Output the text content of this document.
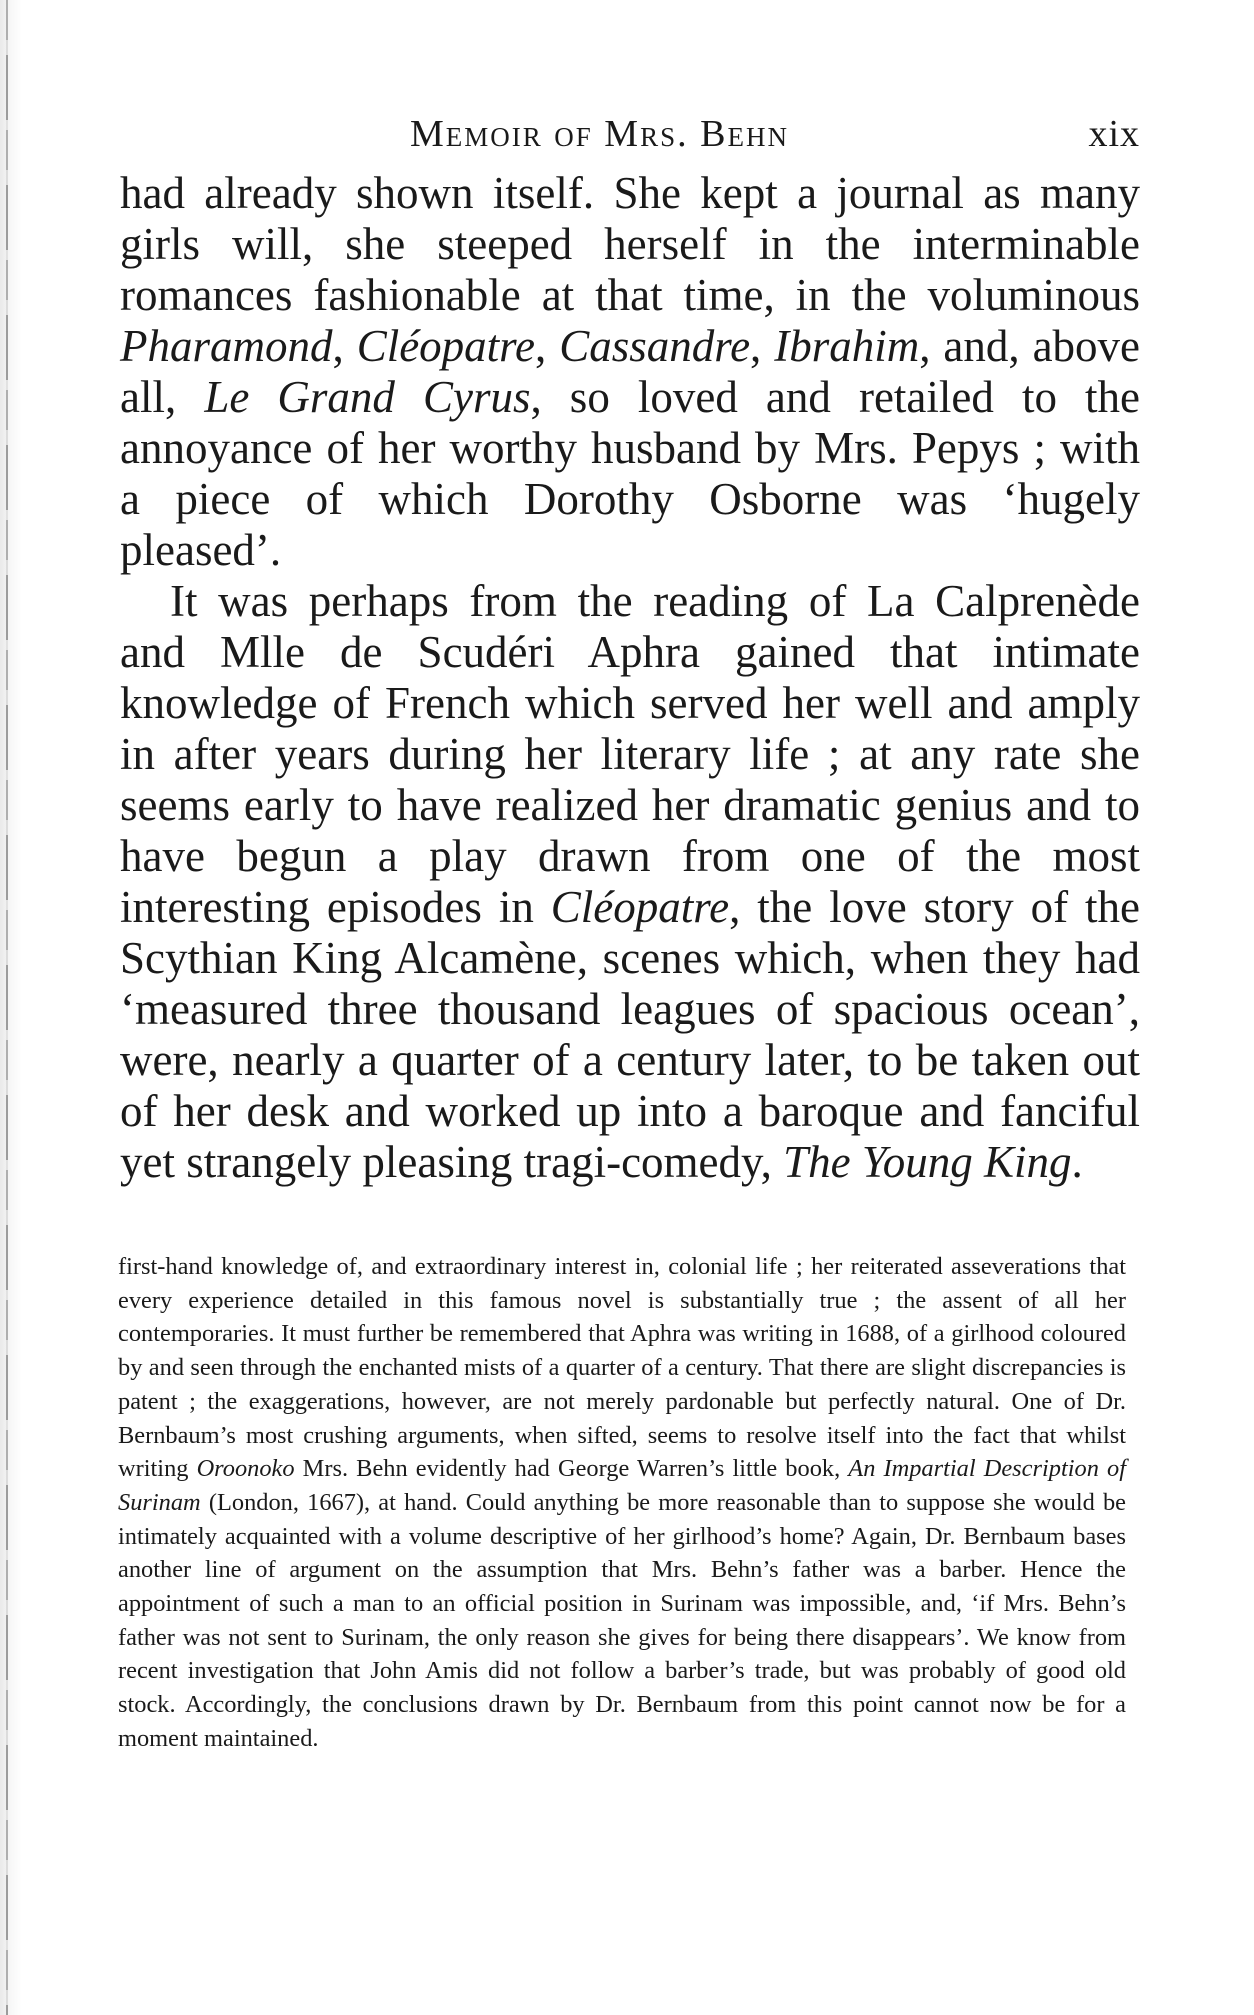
Memoir of Mrs. Behn	xix

had already shown itself. She kept a journal as many girls will, she steeped herself in the interminable romances fashionable at that time, in the voluminous Pharamond, Cléopatre, Cassandre, Ibrahim, and, above all, Le Grand Cyrus, so loved and retailed to the annoyance of her worthy husband by Mrs. Pepys ; with a piece of which Dorothy Osborne was ‘hugely pleased’.

It was perhaps from the reading of La Calprenède and Mlle de Scudéri Aphra gained that intimate knowledge of French which served her well and amply in after years during her literary life ; at any rate she seems early to have realized her dramatic genius and to have begun a play drawn from one of the most interesting episodes in Cléopatre, the love story of the Scythian King Alcamène, scenes which, when they had ‘measured three thousand leagues of spacious ocean’, were, nearly a quarter of a century later, to be taken out of her desk and worked up into a baroque and fanciful yet strangely pleasing tragi-comedy, The Young King.

first-hand knowledge of, and extraordinary interest in, colonial life ; her reiterated asseverations that every experience detailed in this famous novel is substantially true ; the assent of all her contemporaries. It must further be remembered that Aphra was writing in 1688, of a girlhood coloured by and seen through the enchanted mists of a quarter of a century. That there are slight discrepancies is patent ; the exaggerations, however, are not merely pardonable but perfectly natural. One of Dr. Bernbaum’s most crushing arguments, when sifted, seems to resolve itself into the fact that whilst writing Oroonoko Mrs. Behn evidently had George Warren’s little book, An Impartial Description of Surinam (London, 1667), at hand. Could anything be more reasonable than to suppose she would be intimately acquainted with a volume descriptive of her girlhood’s home? Again, Dr. Bernbaum bases another line of argument on the assumption that Mrs. Behn’s father was a barber. Hence the appointment of such a man to an official position in Surinam was impossible, and, ‘if Mrs. Behn’s father was not sent to Surinam, the only reason she gives for being there disappears’. We know from recent investigation that John Amis did not follow a barber’s trade, but was probably of good old stock. Accordingly, the conclusions drawn by Dr. Bernbaum from this point cannot now be for a moment maintained.
